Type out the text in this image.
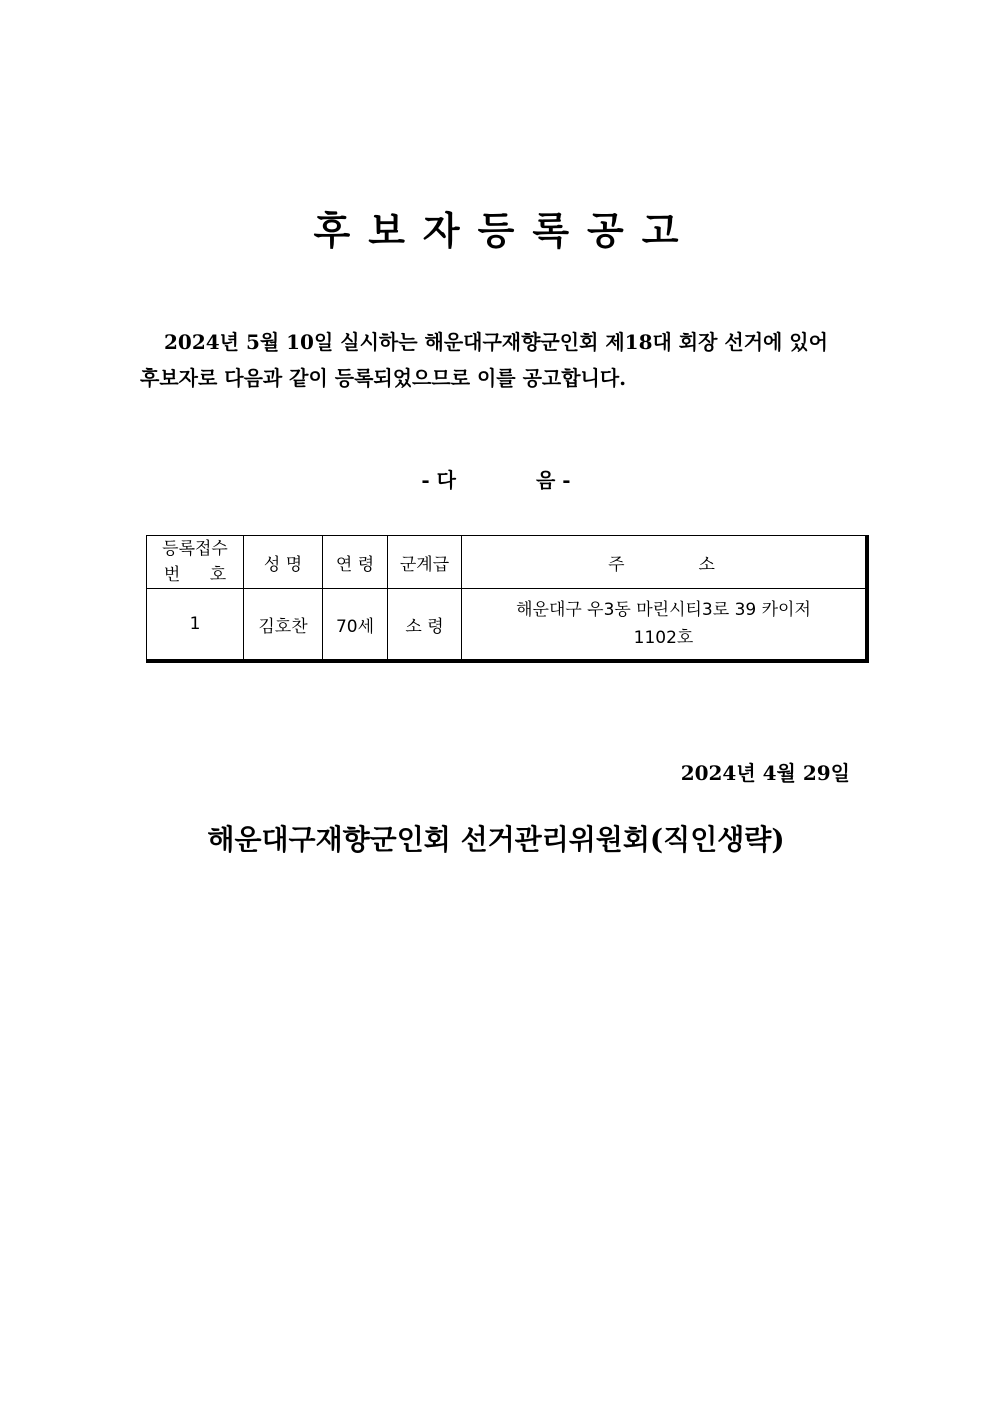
후보자등록공고
2024년 5월 10일 실시하는 해운대구재향군인회 제18대 회장 선거에 있어
후보자로 다음과 같이 등록되었으므로 이를 공고합니다.
- 다	음 -
등록접수
번 호	성 명	연 령	군계급	주 소
1	김호찬	70세	소 령	해운대구 우3동 마린시티3로 39 카이저
1102호
2024년 4월 29일
해운대구재향군인회 선거관리위원회(직인생략)
